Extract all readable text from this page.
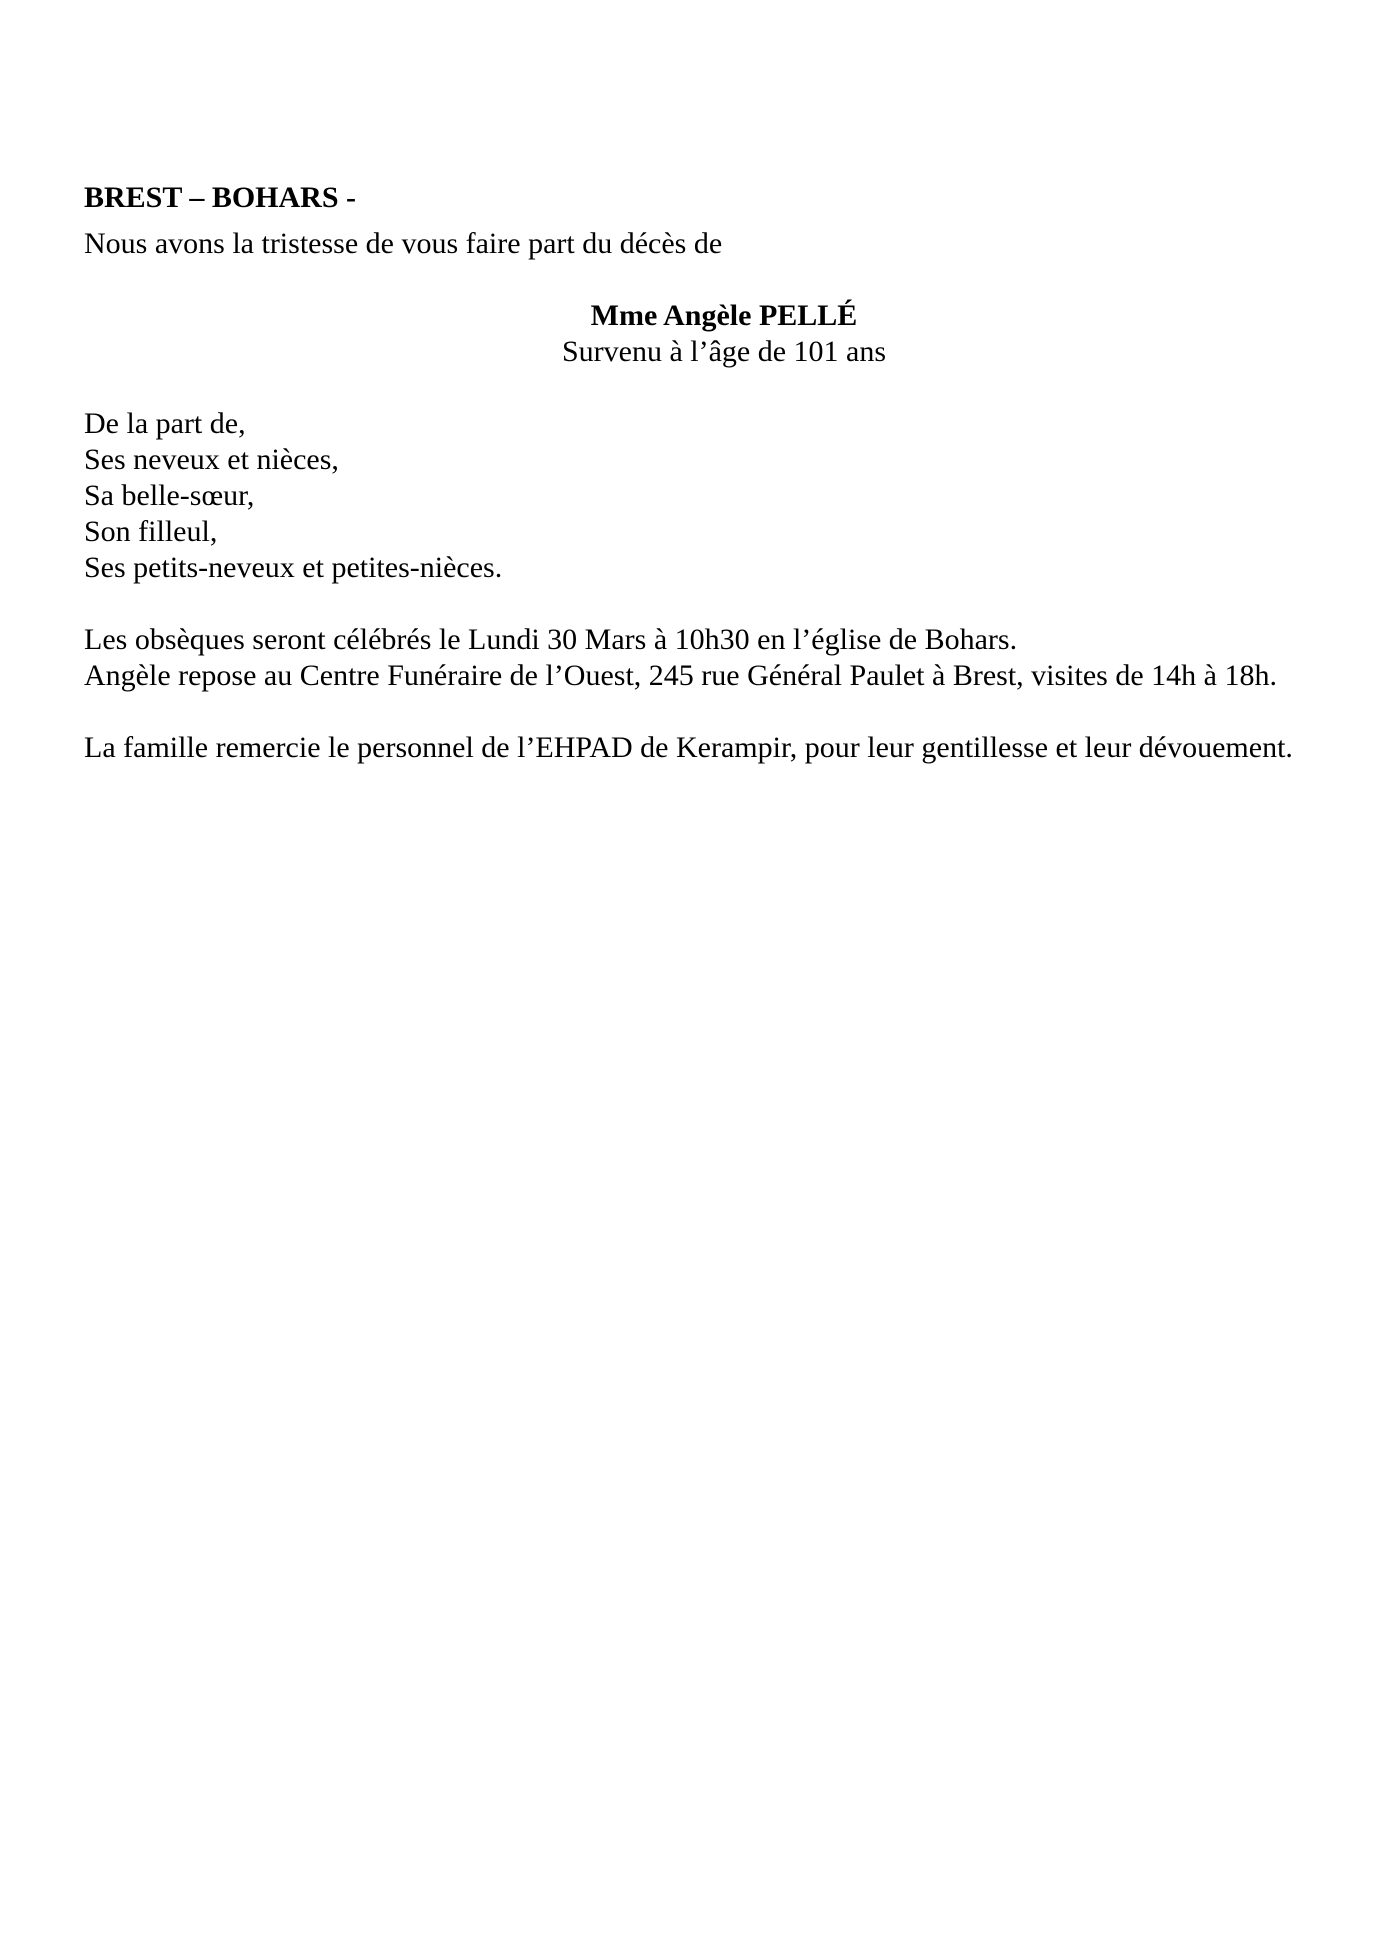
BREST – BOHARS -

Nous avons la tristesse de vous faire part du décès de

Mme Angèle PELLÉ
Survenu à l’âge de 101 ans
De la part de,
Ses neveux et nièces,
Sa belle-sœur,
Son filleul,
Ses petits-neveux et petites-nièces.
Les obsèques seront célébrés le Lundi 30 Mars à 10h30 en l’église de Bohars.
Angèle repose au Centre Funéraire de l’Ouest, 245 rue Général Paulet à Brest, visites de 14h à 18h.
La famille remercie le personnel de l’EHPAD de Kerampir, pour leur gentillesse et leur dévouement.
